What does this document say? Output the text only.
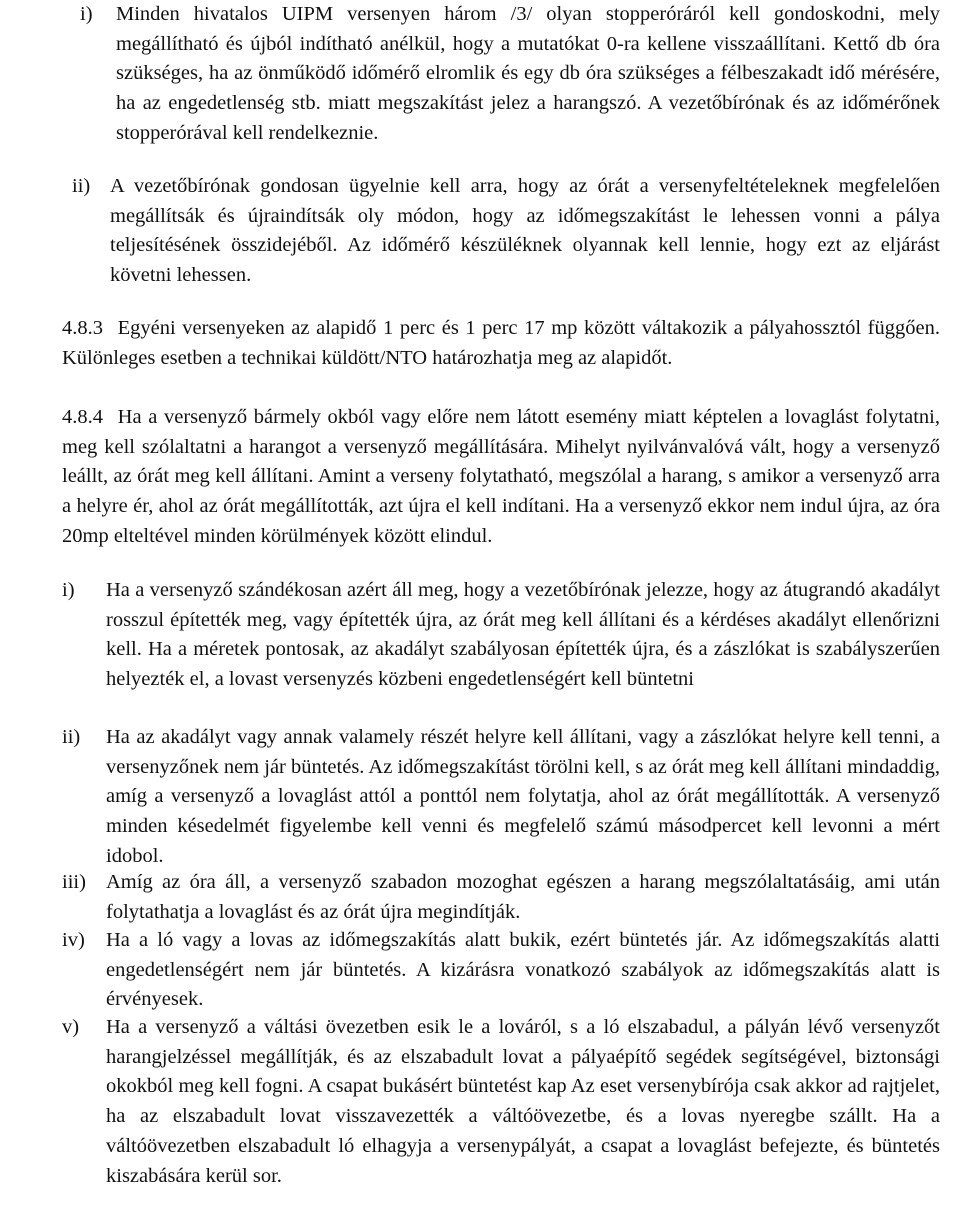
i)	Minden hivatalos UIPM versenyen három /3/ olyan stopperóráról kell gondoskodni, mely megállítható és újból indítható anélkül, hogy a mutatókat 0-ra kellene visszaállítani. Kettő db óra szükséges, ha az önműködő időmérő elromlik és egy db óra szükséges a félbeszakadt idő mérésére, ha az engedetlenség stb. miatt megszakítást jelez a harangszó. A vezetőbírónak és az időmérőnek stopperórával kell rendelkeznie.
ii) A vezetőbírónak gondosan ügyelnie kell arra, hogy az órát a versenyfeltételeknek megfelelően megállítsák és újraindítsák oly módon, hogy az időmegszakítást le lehessen vonni a pálya teljesítésének összidejéből. Az időmérő készüléknek olyannak kell lennie, hogy ezt az eljárást követni lehessen.
4.8.3 Egyéni versenyeken az alapidő 1 perc és 1 perc 17 mp között váltakozik a pályahossztól függően. Különleges esetben a technikai küldött/NTO határozhatja meg az alapidőt.
4.8.4 Ha a versenyző bármely okból vagy előre nem látott esemény miatt képtelen a lovaglást folytatni, meg kell szólaltatni a harangot a versenyző megállítására. Mihelyt nyilvánvalóvá vált, hogy a versenyző leállt, az órát meg kell állítani. Amint a verseny folytatható, megszólal a harang, s amikor a versenyző arra a helyre ér, ahol az órát megállították, azt újra el kell indítani. Ha a versenyző ekkor nem indul újra, az óra 20mp elteltével minden körülmények között elindul.
i)	Ha a versenyző szándékosan azért áll meg, hogy a vezetőbírónak jelezze, hogy az átugrandó akadályt rosszul építették meg, vagy építették újra, az órát meg kell állítani és a kérdéses akadályt ellenőrizni kell. Ha a méretek pontosak, az akadályt szabályosan építették újra, és a zászlókat is szabályszerűen helyezték el, a lovast versenyzés közbeni engedetlenségért kell büntetni
ii)	Ha az akadályt vagy annak valamely részét helyre kell állítani, vagy a zászlókat helyre kell tenni, a versenyzőnek nem jár büntetés. Az időmegszakítást törölni kell, s az órát meg kell állítani mindaddig, amíg a versenyző a lovaglást attól a ponttól nem folytatja, ahol az órát megállították. A versenyző minden késedelmét figyelembe kell venni és megfelelő számú másodpercet kell levonni a mért idobol.
iii) Amíg az óra áll, a versenyző szabadon mozoghat egészen a harang megszólaltatásáig, ami után folytathatja a lovaglást és az órát újra megindítják.
iv)	Ha a ló vagy a lovas az időmegszakítás alatt bukik, ezért büntetés jár. Az időmegszakítás alatti engedetlenségért nem jár büntetés. A kizárásra vonatkozó szabályok az időmegszakítás alatt is érvényesek.
v)	Ha a versenyző a váltási övezetben esik le a lováról, s a ló elszabadul, a pályán lévő versenyzőt harangjelzéssel megállítják, és az elszabadult lovat a pályaépítő segédek segítségével, biztonsági okokból meg kell fogni. A csapat bukásért büntetést kap Az eset versenybírója csak akkor ad rajtjelet, ha az elszabadult lovat visszavezették a váltóövezetbe, és a lovas nyeregbe szállt. Ha a váltóövezetben elszabadult ló elhagyja a versenypályát, a csapat a lovaglást befejezte, és büntetés kiszabására kerül sor.
